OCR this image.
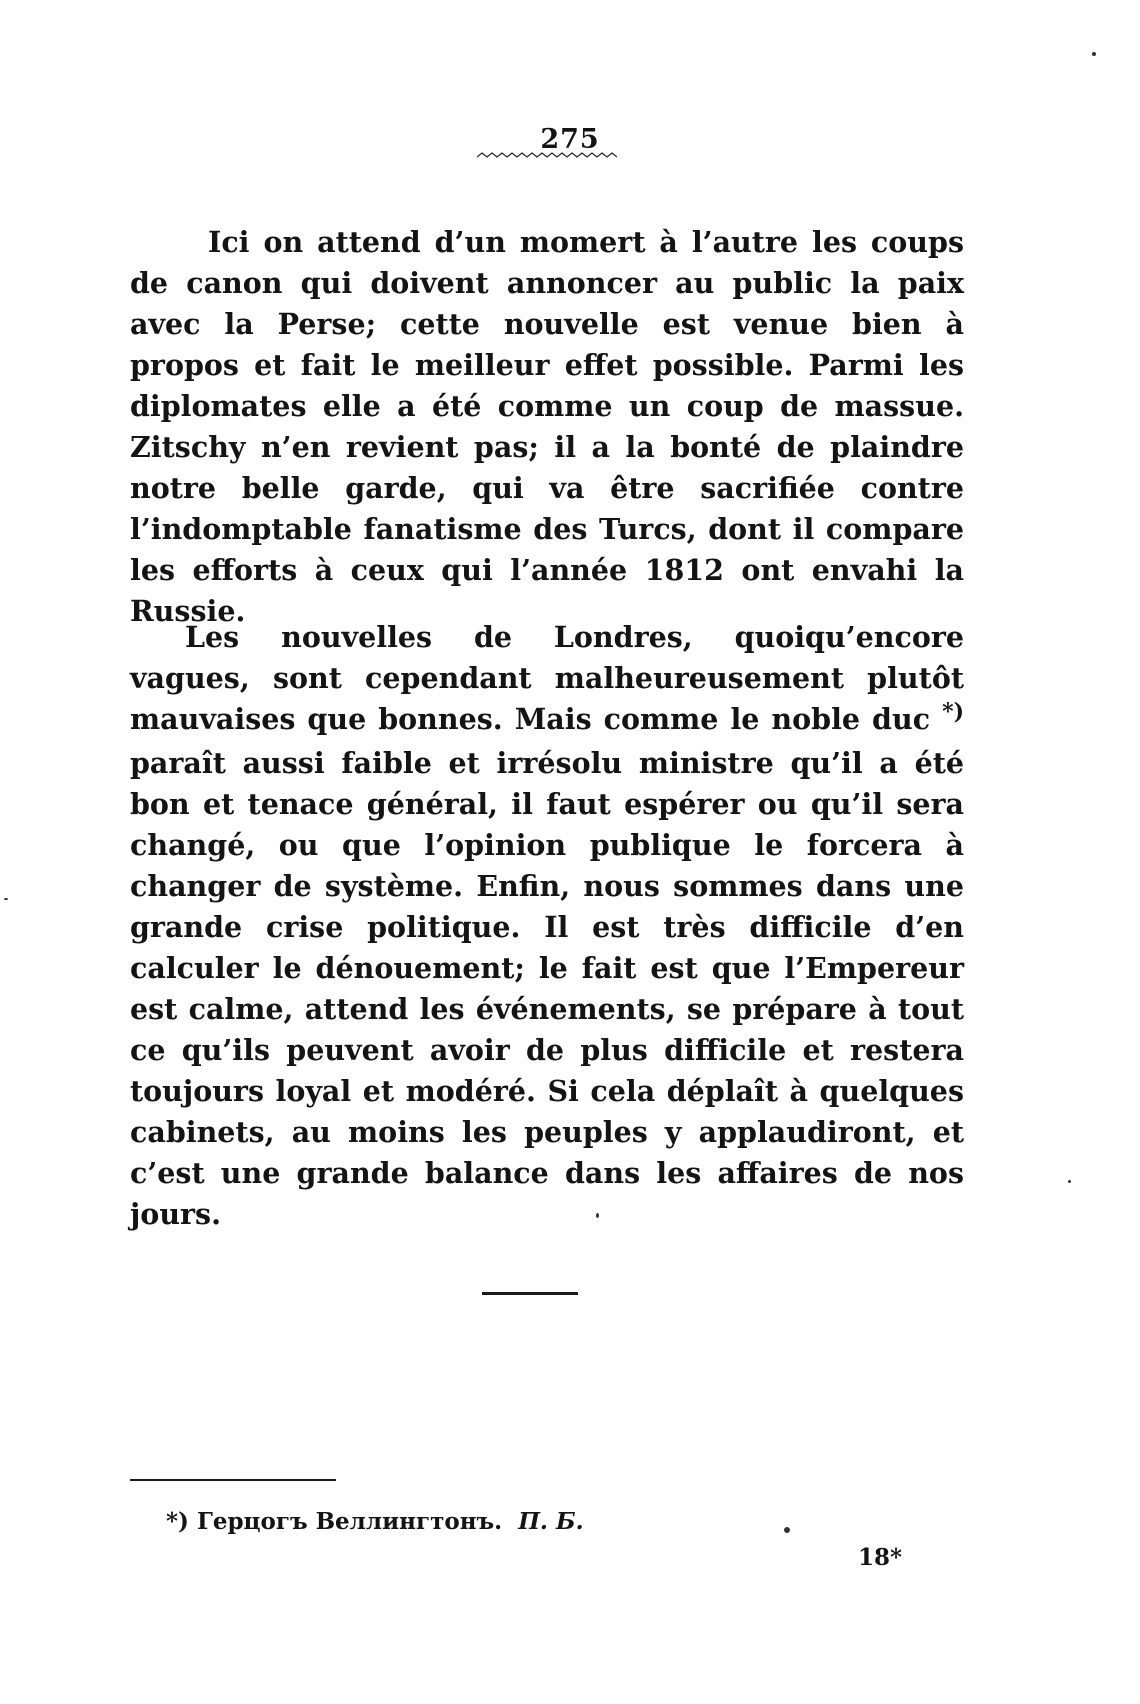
275

Ici on attend d’un momert à l’autre les coups de canon qui doivent annoncer au public la paix avec la Perse; cette nouvelle est venue bien à propos et fait le meilleur effet possible. Parmi les diplomates elle a été comme un coup de massue. Zitschy n’en revient pas; il a la bonté de plaindre notre belle garde, qui va être sacrifiée contre l’indomptable fanatisme des Turcs, dont il compare les efforts à ceux qui l’année 1812 ont envahi la Russie.

Les nouvelles de Londres, quoiqu’encore vagues, sont cependant malheureusement plutôt mauvaises que bonnes. Mais comme le noble duc *) paraît aussi faible et irrésolu ministre qu’il a été bon et tenace général, il faut espérer ou qu’il sera changé, ou que l’opinion publique le forcera à changer de système. Enfin, nous sommes dans une grande crise politique. Il est très difficile d’en calculer le dénouement; le fait est que l’Empereur est calme, attend les événements, se prépare à tout ce qu’ils peuvent avoir de plus difficile et restera toujours loyal et modéré. Si cela déplaît à quelques cabinets, au moins les peuples y applaudiront, et c’est une grande balance dans les affaires de nos jours.

*) Герцогъ Веллингтонъ. П. Б.
18*
